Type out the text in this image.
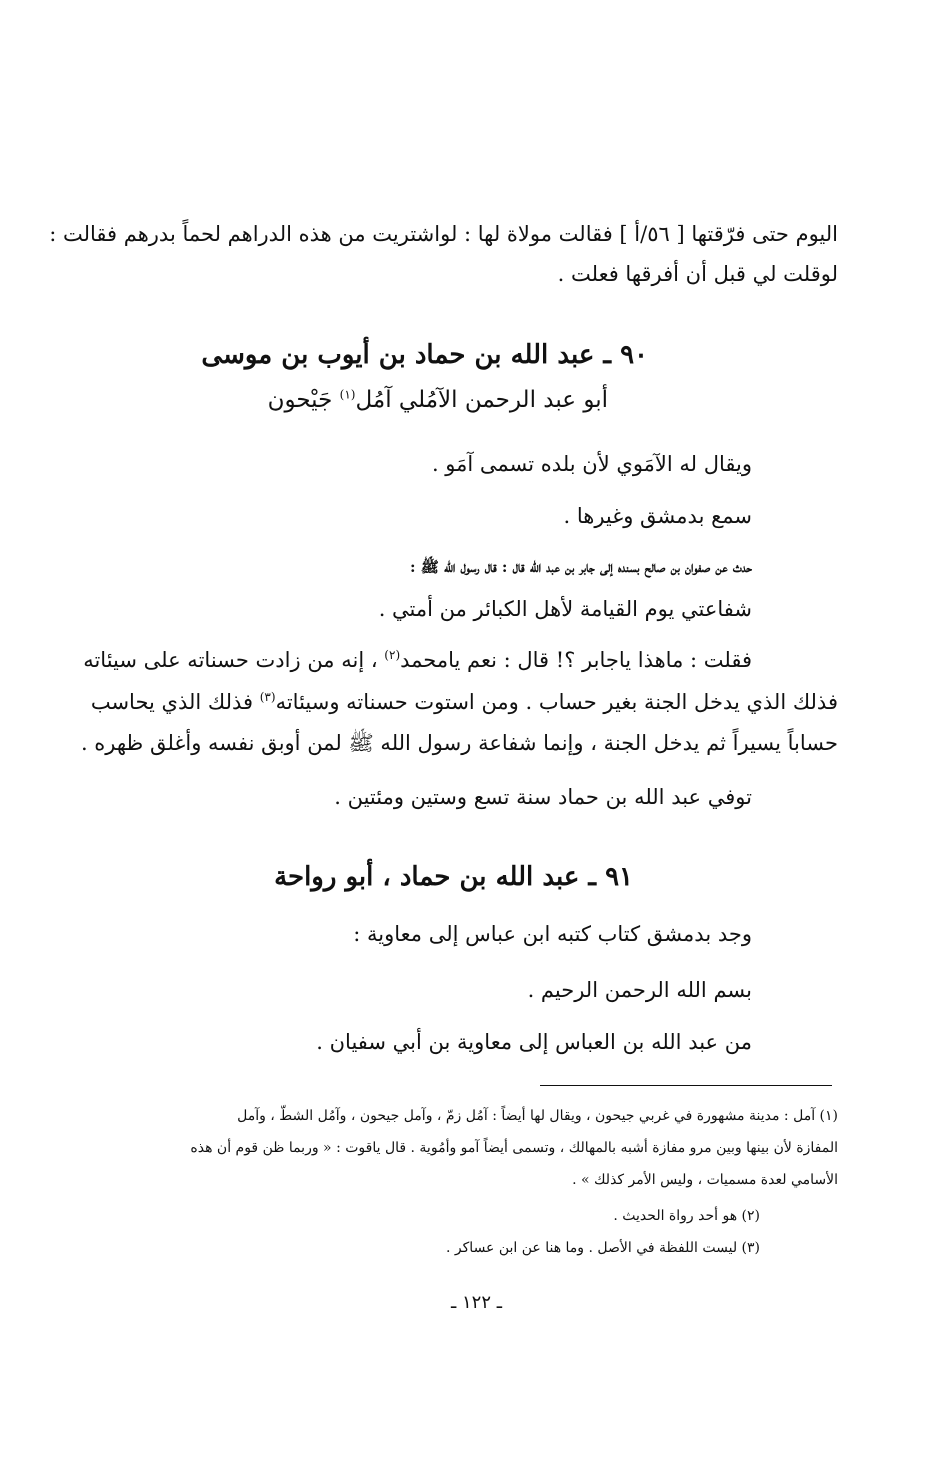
اليوم حتى فرّقتها [ ٥٦/أ ] فقالت مولاة لها : لواشتريت من هذه الدراهم لحماً بدرهم فقالت :
لوقلت لي قبل أن أفرقها فعلت .
٩٠ ـ عبد الله بن حماد بن أيوب بن موسى
أبو عبد الرحمن الآمُلي آمُل$^{(١)}$ جَيْحون
ويقال له الآمَوي لأن بلده تسمى آمَو .
سمع بدمشق وغيرها .
حدث عن صفوان بن صالح بسنده إلى جابر بن عبد الله قال : قال رسول الله ﷺ :
شفاعتي يوم القيامة لأهل الكبائر من أمتي .
فقلت : ماهذا ياجابر ؟! قال : نعم يامحمد$^{(٢)}$ ، إنه من زادت حسناته على سيئاته
فذلك الذي يدخل الجنة بغير حساب . ومن استوت حسناته وسيئاته$^{(٣)}$ فذلك الذي يحاسب
حساباً يسيراً ثم يدخل الجنة ، وإنما شفاعة رسول الله ﷺ لمن أوبق نفسه وأغلق ظهره .
توفي عبد الله بن حماد سنة تسع وستين ومئتين .
٩١ ـ عبد الله بن حماد ، أبو رواحة
وجد بدمشق كتاب كتبه ابن عباس إلى معاوية :
بسم الله الرحمن الرحيم .
من عبد الله بن العباس إلى معاوية بن أبي سفيان .
(١) آمل : مدينة مشهورة في غربي جيحون ، ويقال لها أيضاً : آمُل زمّ ، وآمل جيحون ، وآمُل الشطّ ، وآمل
المفازة لأن بينها وبين مرو مفازة أشبه بالمهالك ، وتسمى أيضاً آمو وأمُوية . قال ياقوت : « وربما ظن قوم أن هذه
الأسامي لعدة مسميات ، وليس الأمر كذلك » .
(٢) هو أحد رواة الحديث .
(٣) ليست اللفظة في الأصل . وما هنا عن ابن عساكر .
ـ ١٢٢ ـ
